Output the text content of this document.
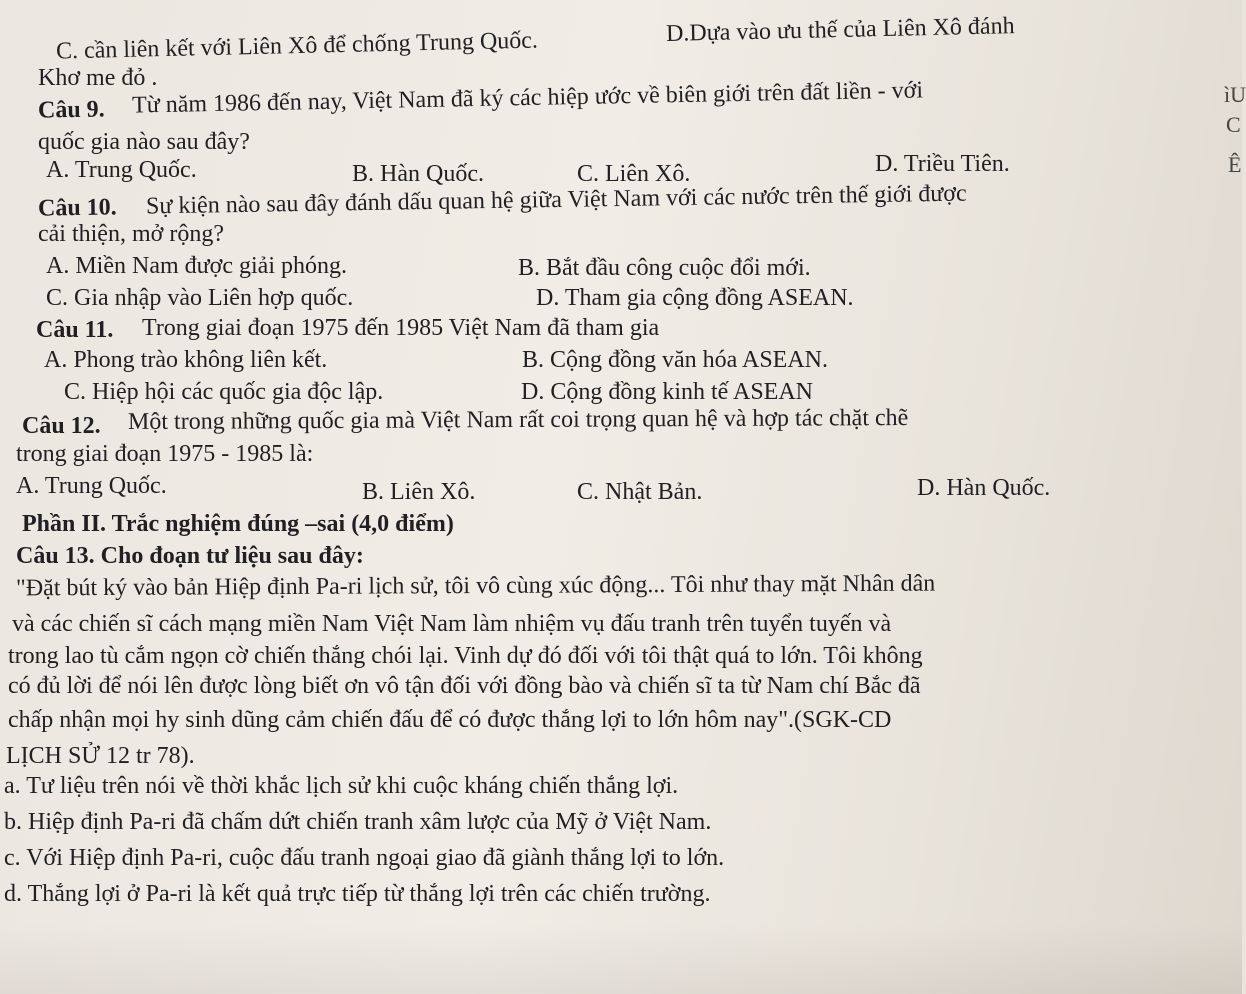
C. cần liên kết với Liên Xô để chống Trung Quốc.	D.Dựa vào ưu thế của Liên Xô đánh
Khơ me đỏ .
Câu 9. Từ năm 1986 đến nay, Việt Nam đã ký các hiệp ước về biên giới trên đất liền - với
quốc gia nào sau đây?
A. Trung Quốc.	B. Hàn Quốc.	C. Liên Xô.	D. Triều Tiên.
Câu 10. Sự kiện nào sau đây đánh dấu quan hệ giữa Việt Nam với các nước trên thế giới được
cải thiện, mở rộng?
A. Miền Nam được giải phóng.	B. Bắt đầu công cuộc đổi mới.
C. Gia nhập vào Liên hợp quốc.	D. Tham gia cộng đồng ASEAN.
Câu 11. Trong giai đoạn 1975 đến 1985 Việt Nam đã tham gia
A. Phong trào không liên kết.	B. Cộng đồng văn hóa ASEAN.
C. Hiệp hội các quốc gia độc lập.	D. Cộng đồng kinh tế ASEAN
Câu 12. Một trong những quốc gia mà Việt Nam rất coi trọng quan hệ và hợp tác chặt chẽ
trong giai đoạn 1975 - 1985 là:
A. Trung Quốc.	B. Liên Xô.	C. Nhật Bản.	D. Hàn Quốc.
Phần II. Trắc nghiệm đúng –sai (4,0 điểm)
Câu 13. Cho đoạn tư liệu sau đây:
"Đặt bút ký vào bản Hiệp định Pa-ri lịch sử, tôi vô cùng xúc động... Tôi như thay mặt Nhân dân
và các chiến sĩ cách mạng miền Nam Việt Nam làm nhiệm vụ đấu tranh trên tuyển tuyến và
trong lao tù cắm ngọn cờ chiến thắng chói lại. Vinh dự đó đối với tôi thật quá to lớn. Tôi không
có đủ lời để nói lên được lòng biết ơn vô tận đối với đồng bào và chiến sĩ ta từ Nam chí Bắc đã
chấp nhận mọi hy sinh dũng cảm chiến đấu để có được thắng lợi to lớn hôm nay".(SGK-CD
LỊCH SỬ 12 tr 78).
a. Tư liệu trên nói về thời khắc lịch sử khi cuộc kháng chiến thắng lợi.
b. Hiệp định Pa-ri đã chấm dứt chiến tranh xâm lược của Mỹ ở Việt Nam.
c. Với Hiệp định Pa-ri, cuộc đấu tranh ngoại giao đã giành thắng lợi to lớn.
d. Thắng lợi ở Pa-ri là kết quả trực tiếp từ thắng lợi trên các chiến trường.
ìU
C
Ê
